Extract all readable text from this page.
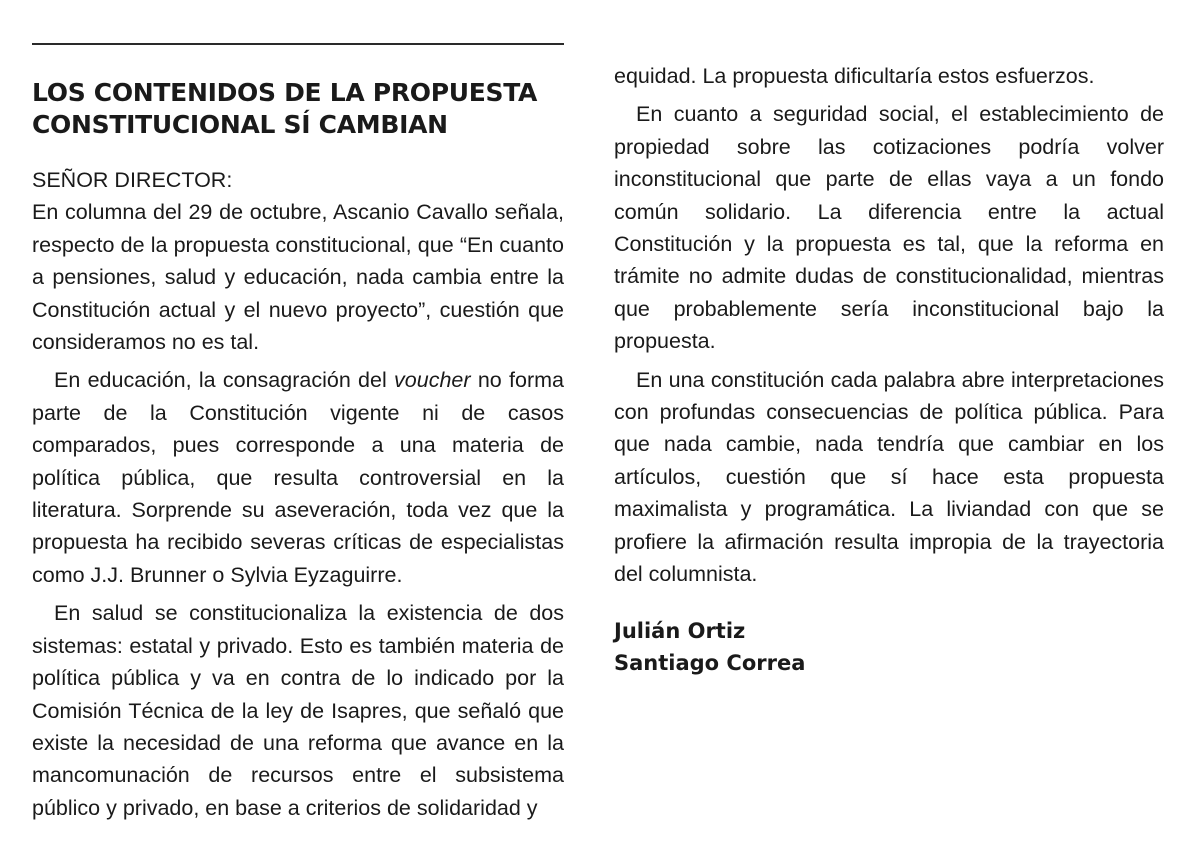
LOS CONTENIDOS DE LA PROPUESTA CONSTITUCIONAL SÍ CAMBIAN

SEÑOR DIRECTOR:

En columna del 29 de octubre, Ascanio Cavallo señala, respecto de la propuesta constitucional, que “En cuanto a pensiones, salud y educación, nada cambia entre la Constitución actual y el nuevo proyecto”, cuestión que consideramos no es tal.

En educación, la consagración del voucher no forma parte de la Constitución vigente ni de casos comparados, pues corresponde a una materia de política pública, que resulta controversial en la literatura. Sorprende su aseveración, toda vez que la propuesta ha recibido severas críticas de especialistas como J.J. Brunner o Sylvia Eyzaguirre.

En salud se constitucionaliza la existencia de dos sistemas: estatal y privado. Esto es también materia de política pública y va en contra de lo indicado por la Comisión Técnica de la ley de Isapres, que señaló que existe la necesidad de una reforma que avance en la mancomunación de recursos entre el subsistema público y privado, en base a criterios de solidaridad y

equidad. La propuesta dificultaría estos esfuerzos.

En cuanto a seguridad social, el establecimiento de propiedad sobre las cotizaciones podría volver inconstitucional que parte de ellas vaya a un fondo común solidario. La diferencia entre la actual Constitución y la propuesta es tal, que la reforma en trámite no admite dudas de constitucionalidad, mientras que probablemente sería inconstitucional bajo la propuesta.

En una constitución cada palabra abre interpretaciones con profundas consecuencias de política pública. Para que nada cambie, nada tendría que cambiar en los artículos, cuestión que sí hace esta propuesta maximalista y programática. La liviandad con que se profiere la afirmación resulta impropia de la trayectoria del columnista.

Julián Ortiz
Santiago Correa
